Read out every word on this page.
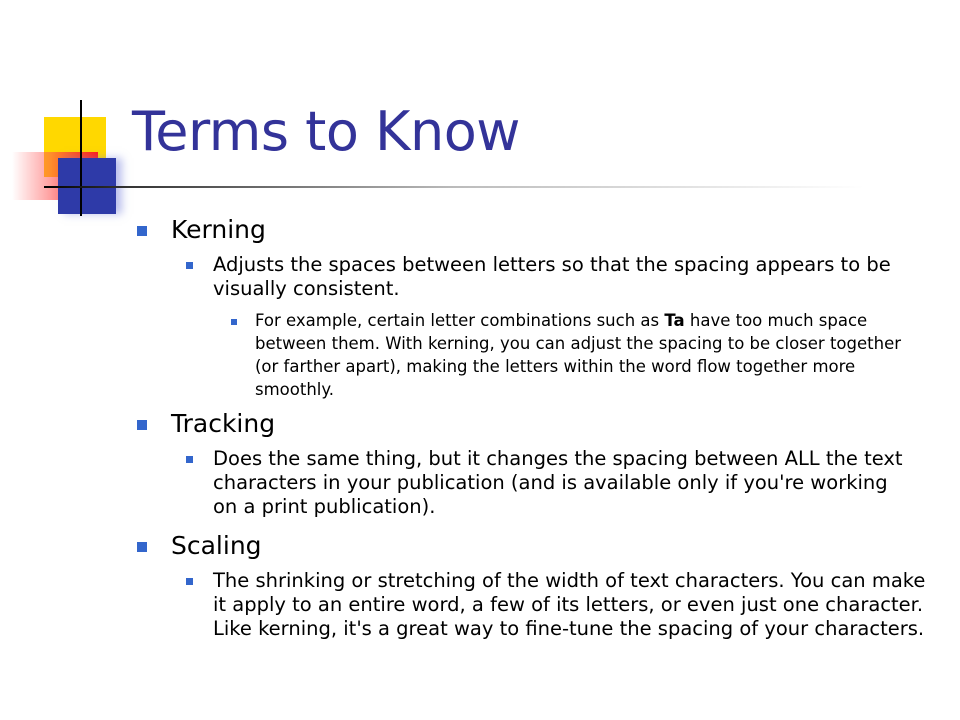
Terms to Know
Kerning
Adjusts the spaces between letters so that the spacing appears to be visually consistent.
For example, certain letter combinations such as Ta have too much space between them. With kerning, you can adjust the spacing to be closer together (or farther apart), making the letters within the word flow together more smoothly.
Tracking
Does the same thing, but it changes the spacing between ALL the text characters in your publication (and is available only if you're working on a print publication).
Scaling
The shrinking or stretching of the width of text characters. You can make it apply to an entire word, a few of its letters, or even just one character. Like kerning, it's a great way to fine-tune the spacing of your characters.
